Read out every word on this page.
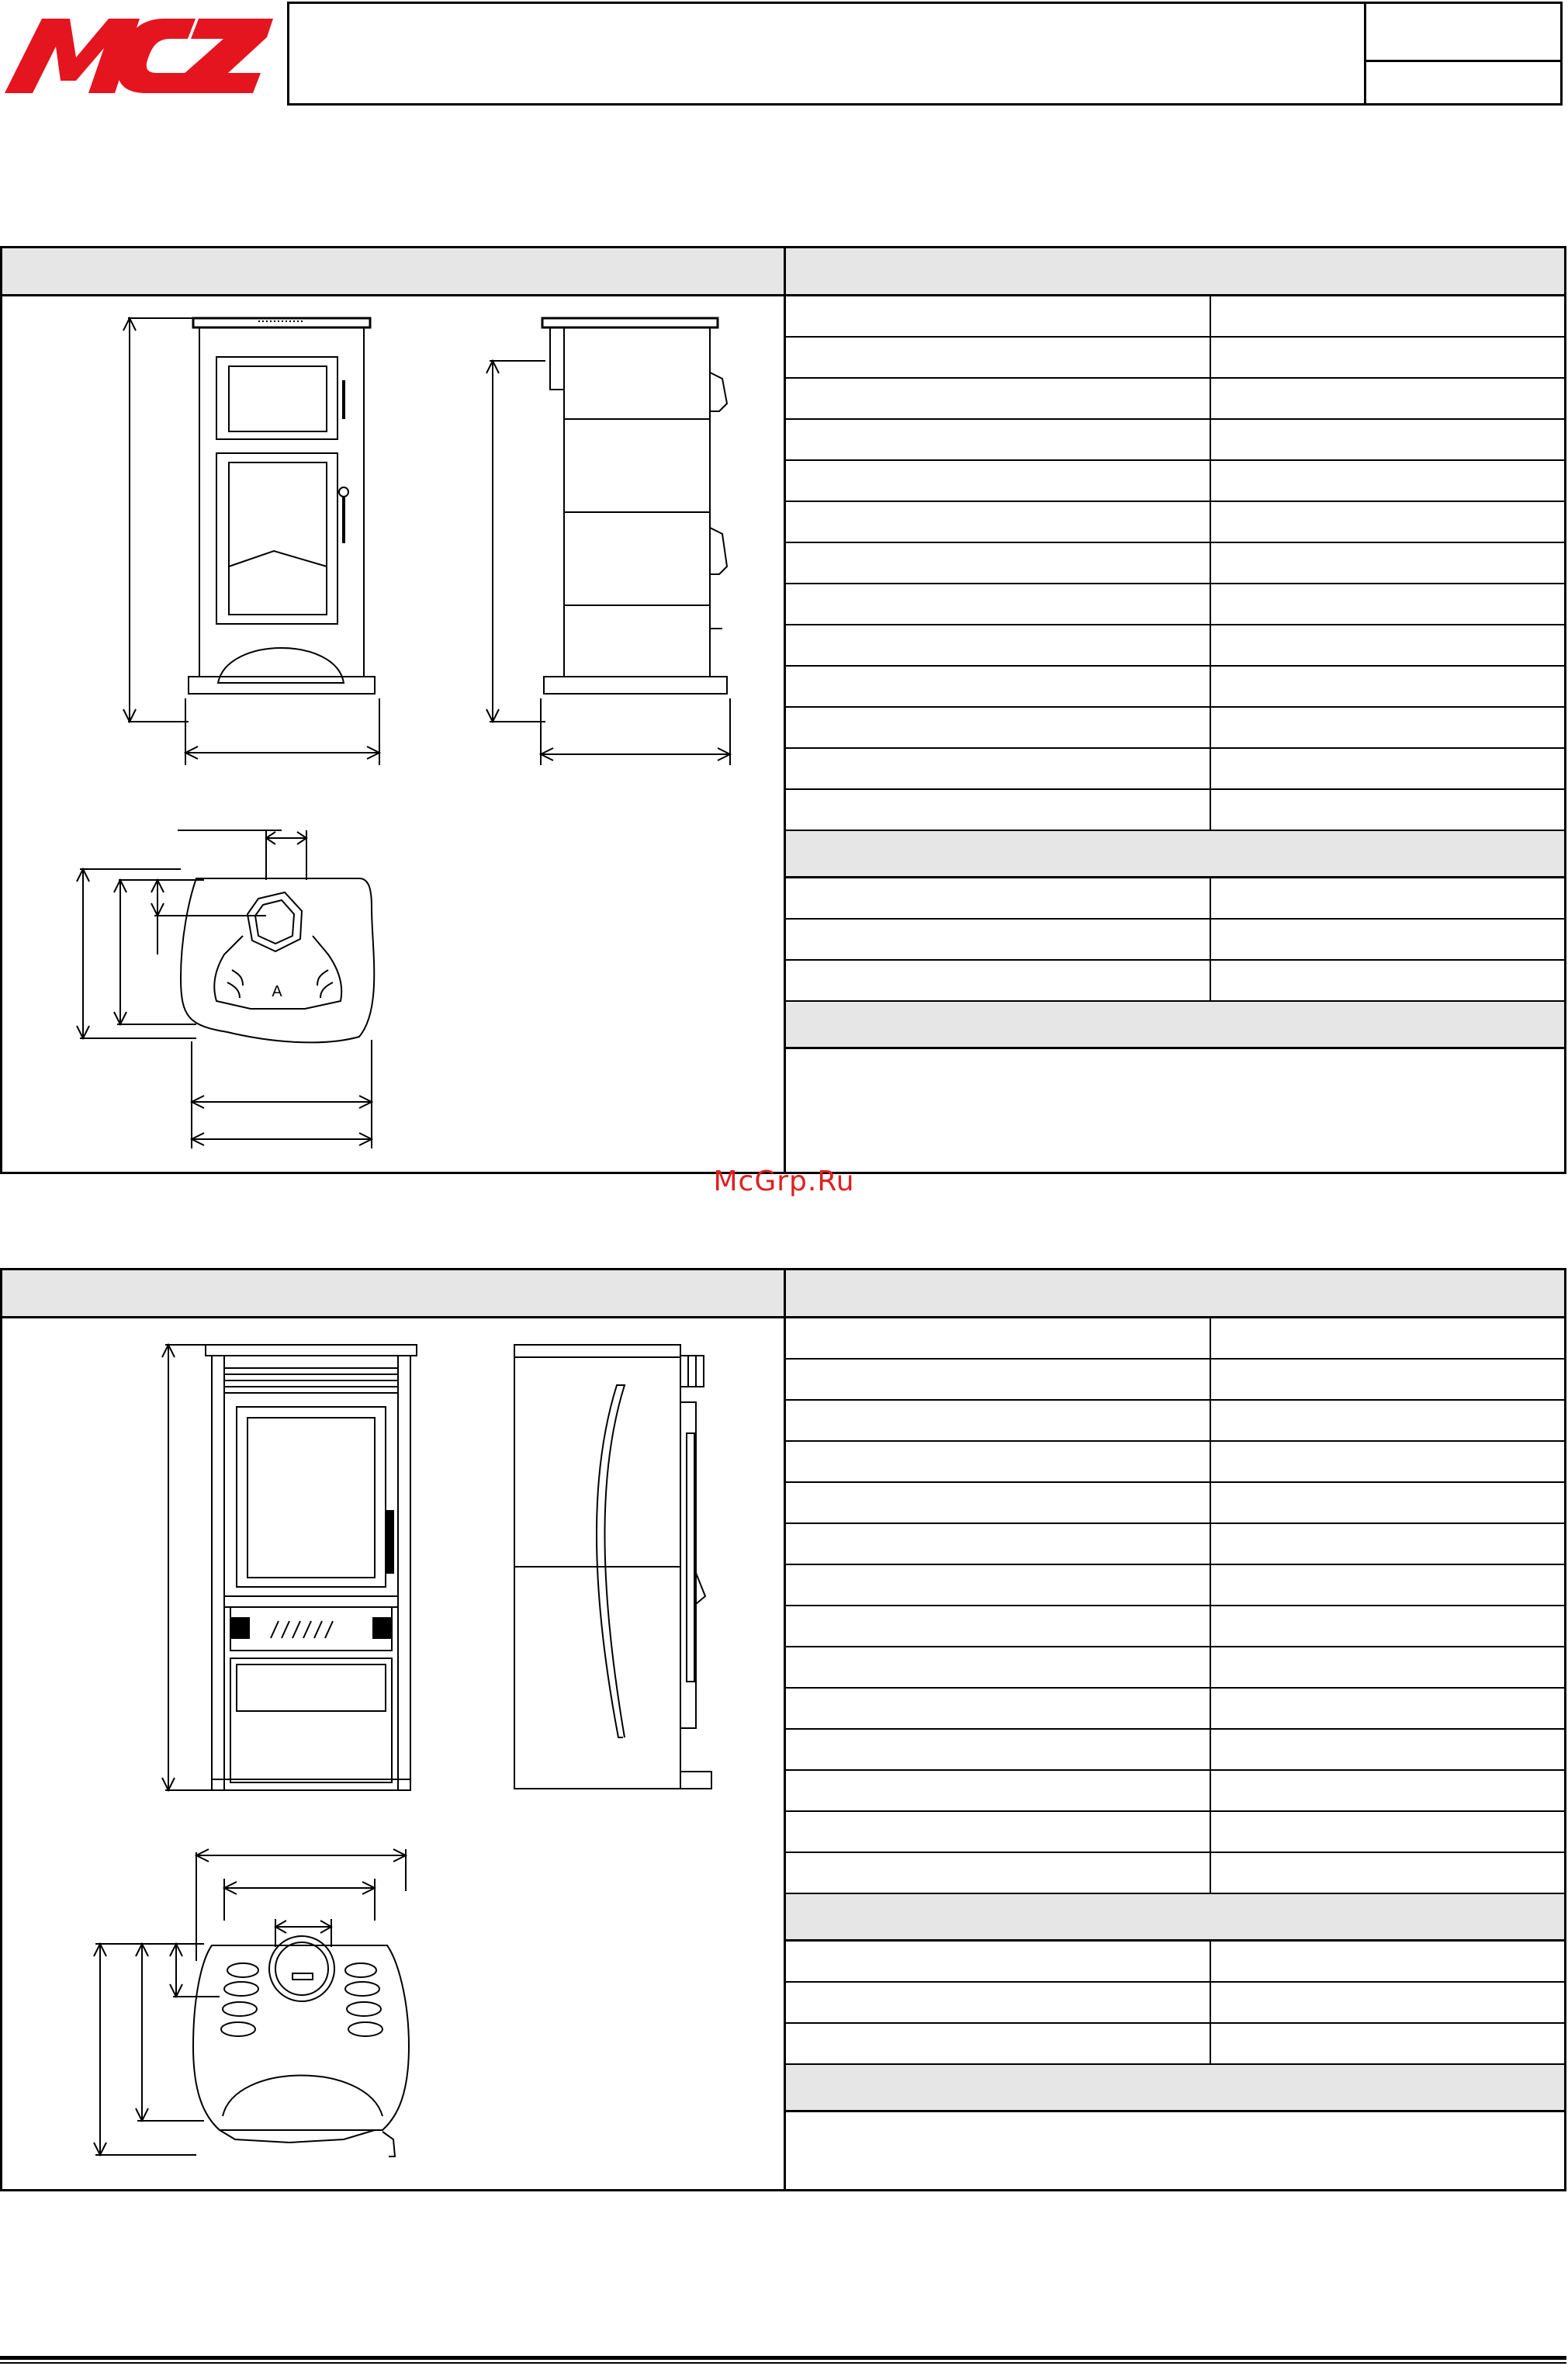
A
McGrp.Ru
